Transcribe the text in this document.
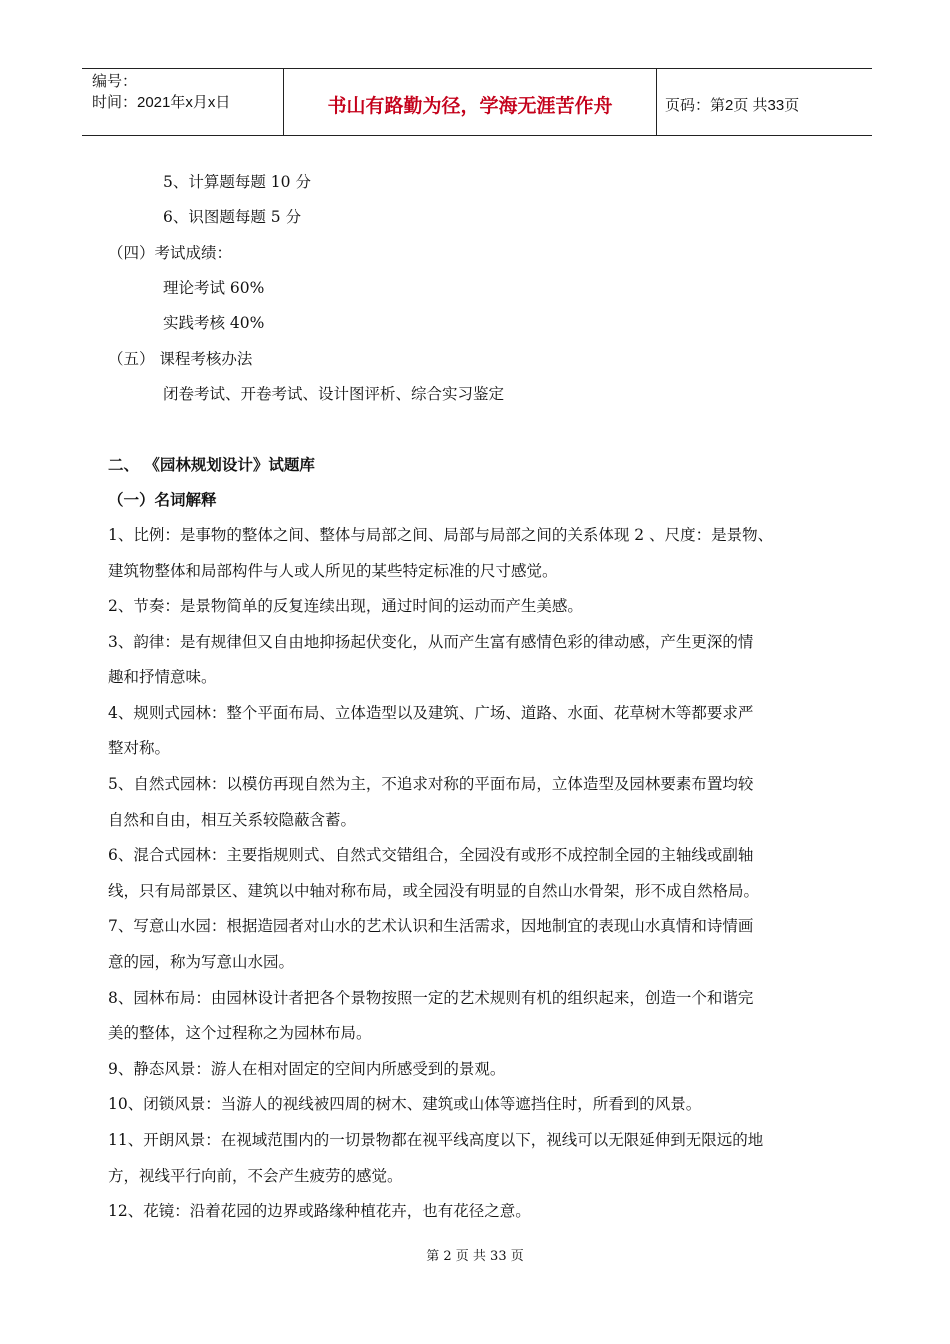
编号：
时间：2021年x月x日	书山有路勤为径，学海无涯苦作舟	页码：第2页 共33页
5、计算题每题 10 分
6、识图题每题 5 分
（四）考试成绩：
理论考试 60%
实践考核 40%
（五） 课程考核办法
闭卷考试、开卷考试、设计图评析、综合实习鉴定
二、 《园林规划设计》试题库
（一）名词解释
1、比例：是事物的整体之间、整体与局部之间、局部与局部之间的关系体现 2 、尺度：是景物、
建筑物整体和局部构件与人或人所见的某些特定标准的尺寸感觉。
2、节奏：是景物简单的反复连续出现，通过时间的运动而产生美感。
3、韵律：是有规律但又自由地抑扬起伏变化，从而产生富有感情色彩的律动感，产生更深的情
趣和抒情意味。
4、规则式园林：整个平面布局、立体造型以及建筑、广场、道路、水面、花草树木等都要求严
整对称。
5、自然式园林：以模仿再现自然为主，不追求对称的平面布局，立体造型及园林要素布置均较
自然和自由，相互关系较隐蔽含蓄。
6、混合式园林：主要指规则式、自然式交错组合，全园没有或形不成控制全园的主轴线或副轴
线，只有局部景区、建筑以中轴对称布局，或全园没有明显的自然山水骨架，形不成自然格局。
7、写意山水园：根据造园者对山水的艺术认识和生活需求，因地制宜的表现山水真情和诗情画
意的园，称为写意山水园。
8、园林布局：由园林设计者把各个景物按照一定的艺术规则有机的组织起来，创造一个和谐完
美的整体，这个过程称之为园林布局。
9、静态风景：游人在相对固定的空间内所感受到的景观。
10、闭锁风景：当游人的视线被四周的树木、建筑或山体等遮挡住时，所看到的风景。
11、开朗风景：在视域范围内的一切景物都在视平线高度以下，视线可以无限延伸到无限远的地
方，视线平行向前，不会产生疲劳的感觉。
12、花镜：沿着花园的边界或路缘种植花卉，也有花径之意。
第 2 页 共 33 页
